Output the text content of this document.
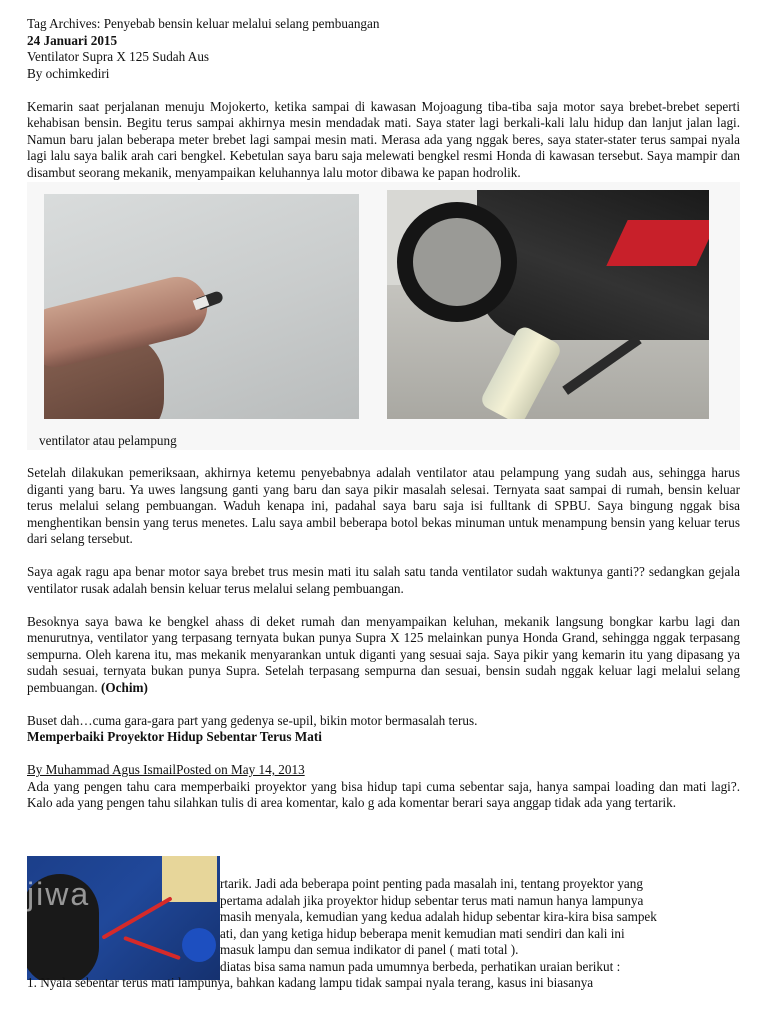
Tag Archives: Penyebab bensin keluar melalui selang pembuangan
24 Januari 2015
Ventilator Supra X 125 Sudah Aus
By ochimkediri

Kemarin saat perjalanan menuju Mojokerto, ketika sampai di kawasan Mojoagung tiba-tiba saja motor saya brebet-brebet seperti kehabisan bensin. Begitu terus sampai akhirnya mesin mendadak mati. Saya stater lagi berkali-kali lalu hidup dan lanjut jalan lagi. Namun baru jalan beberapa meter brebet lagi sampai mesin mati. Merasa ada yang nggak beres, saya stater-stater terus sampai nyala lagi lalu saya balik arah cari bengkel. Kebetulan saya baru saja melewati bengkel resmi Honda di kawasan tersebut. Saya mampir dan disambut seorang mekanik, menyampaikan keluhannya lalu motor dibawa ke papan hodrolik.

ventilator atau pelampung

Setelah dilakukan pemeriksaan, akhirnya ketemu penyebabnya adalah ventilator atau pelampung yang sudah aus, sehingga harus diganti yang baru. Ya uwes langsung ganti yang baru dan saya pikir masalah selesai. Ternyata saat sampai di rumah, bensin keluar terus melalui selang pembuangan. Waduh kenapa ini, padahal saya baru saja isi fulltank di SPBU. Saya bingung nggak bisa menghentikan bensin yang terus menetes. Lalu saya ambil beberapa botol bekas minuman untuk menampung bensin yang keluar terus dari selang tersebut.

Saya agak ragu apa benar motor saya brebet trus mesin mati itu salah satu tanda ventilator sudah waktunya ganti?? sedangkan gejala ventilator rusak adalah bensin keluar terus melalui selang pembuangan.

Besoknya saya bawa ke bengkel ahass di deket rumah dan menyampaikan keluhan, mekanik langsung bongkar karbu lagi dan menurutnya, ventilator yang terpasang ternyata bukan punya Supra X 125 melainkan punya Honda Grand, sehingga nggak terpasang sempurna. Oleh karena itu, mas mekanik menyarankan untuk diganti yang sesuai saja. Saya pikir yang kemarin itu yang dipasang ya sudah sesuai, ternyata bukan punya Supra. Setelah terpasang sempurna dan sesuai, bensin sudah nggak keluar lagi melalui selang pembuangan. (Ochim)

Buset dah…cuma gara-gara part yang gedenya se-upil, bikin motor bermasalah terus.

Memperbaiki Proyektor Hidup Sebentar Terus Mati
By Muhammad Agus IsmailPosted on May 14, 2013

Ada yang pengen tahu cara memperbaiki proyektor yang bisa hidup tapi cuma sebentar saja, hanya sampai loading dan mati lagi?. Kalo ada yang pengen tahu silahkan tulis di area komentar, kalo g ada komentar berari saya anggap tidak ada yang tertarik.

jiwa	rtarik. Jadi ada beberapa point penting pada masalah ini, tentang proyektor yang
pertama adalah jika proyektor hidup sebentar terus mati namun hanya lampunya
masih menyala, kemudian yang kedua adalah hidup sebentar kira-kira bisa sampek
ati, dan yang ketiga hidup beberapa menit kemudian mati sendiri dan kali ini
masuk lampu dan semua indikator di panel ( mati total ).
diatas bisa sama namun pada umumnya berbeda, perhatikan uraian berikut :
1. Nyala sebentar terus mati lampunya, bahkan kadang lampu tidak sampai nyala terang, kasus ini biasanya
